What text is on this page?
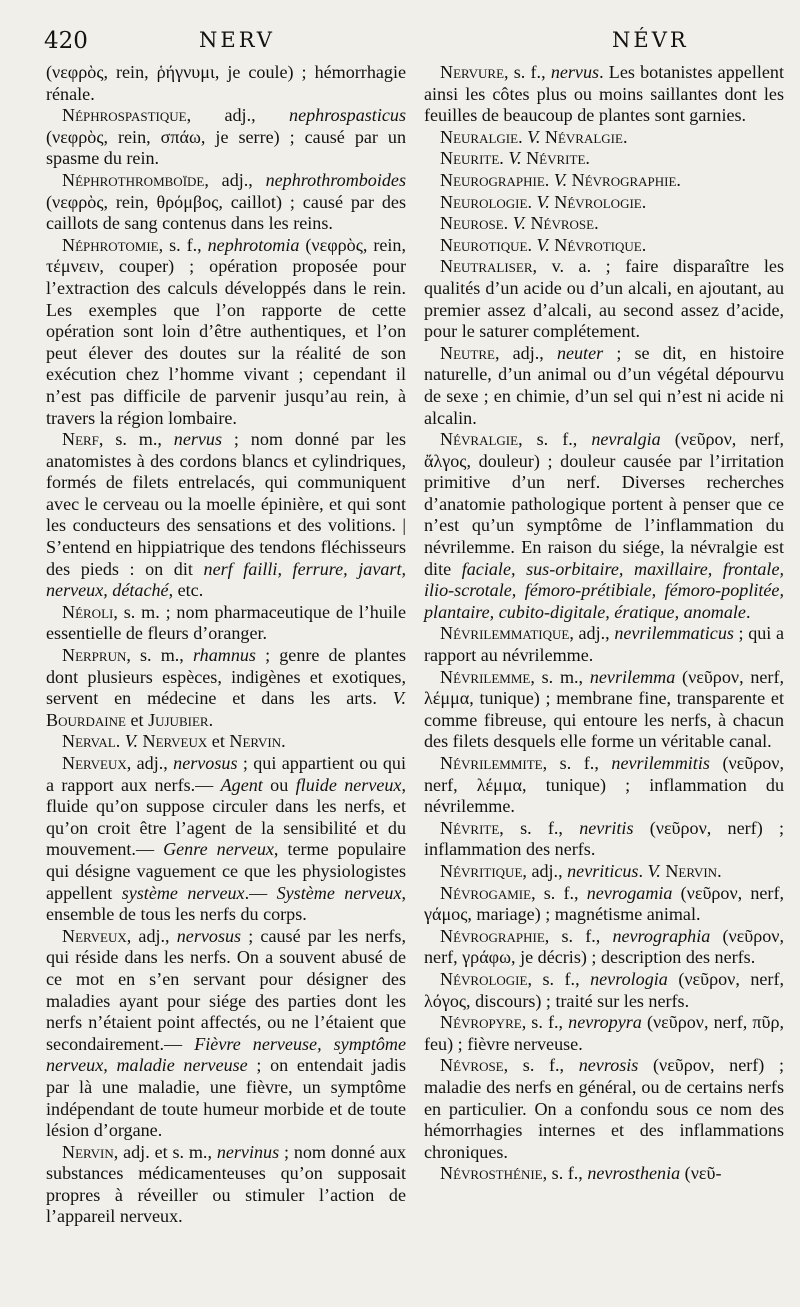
420	NERV	NÉVR

(νεφρὸς, rein, ῥήγνυμι, je coule) ; hémorrhagie rénale.

Néphrospastique, adj., nephrospasticus (νεφρὸς, rein, σπάω, je serre) ; causé par un spasme du rein.

Néphrothromboïde, adj., nephrothromboides (νεφρὸς, rein, θρόμβος, caillot) ; causé par des caillots de sang contenus dans les reins.

Néphrotomie, s. f., nephrotomia (νεφρὸς, rein, τέμνειν, couper) ; opération proposée pour l’extraction des calculs développés dans le rein. Les exemples que l’on rapporte de cette opération sont loin d’être authentiques, et l’on peut élever des doutes sur la réalité de son exécution chez l’homme vivant ; cependant il n’est pas difficile de parvenir jusqu’au rein, à travers la région lombaire.

Nerf, s. m., nervus ; nom donné par les anatomistes à des cordons blancs et cylindriques, formés de filets entrelacés, qui communiquent avec le cerveau ou la moelle épinière, et qui sont les conducteurs des sensations et des volitions. | S’entend en hippiatrique des tendons fléchisseurs des pieds : on dit nerf failli, ferrure, javart, nerveux, détaché, etc.

Néroli, s. m. ; nom pharmaceutique de l’huile essentielle de fleurs d’oranger.

Nerprun, s. m., rhamnus ; genre de plantes dont plusieurs espèces, indigènes et exotiques, servent en médecine et dans les arts. V. Bourdaine et Jujubier.

Nerval. V. Nerveux et Nervin.

Nerveux, adj., nervosus ; qui appartient ou qui a rapport aux nerfs.— Agent ou fluide nerveux, fluide qu’on suppose circuler dans les nerfs, et qu’on croit être l’agent de la sensibilité et du mouvement.— Genre nerveux, terme populaire qui désigne vaguement ce que les physiologistes appellent système nerveux.— Système nerveux, ensemble de tous les nerfs du corps.

Nerveux, adj., nervosus ; causé par les nerfs, qui réside dans les nerfs. On a souvent abusé de ce mot en s’en servant pour désigner des maladies ayant pour siége des parties dont les nerfs n’étaient point affectés, ou ne l’étaient que secondairement.— Fièvre nerveuse, symptôme nerveux, maladie nerveuse ; on entendait jadis par là une maladie, une fièvre, un symptôme indépendant de toute humeur morbide et de toute lésion d’organe.

Nervin, adj. et s. m., nervinus ; nom donné aux substances médicamenteuses qu’on supposait propres à réveiller ou stimuler l’action de l’appareil nerveux.

Nervure, s. f., nervus. Les botanistes appellent ainsi les côtes plus ou moins saillantes dont les feuilles de beaucoup de plantes sont garnies.

Neuralgie. V. Névralgie.

Neurite. V. Névrite.

Neurographie. V. Névrographie.

Neurologie. V. Névrologie.

Neurose. V. Névrose.

Neurotique. V. Névrotique.

Neutraliser, v. a. ; faire disparaître les qualités d’un acide ou d’un alcali, en ajoutant, au premier assez d’alcali, au second assez d’acide, pour le saturer complétement.

Neutre, adj., neuter ; se dit, en histoire naturelle, d’un animal ou d’un végétal dépourvu de sexe ; en chimie, d’un sel qui n’est ni acide ni alcalin.

Névralgie, s. f., nevralgia (νεῦρον, nerf, ἄλγος, douleur) ; douleur causée par l’irritation primitive d’un nerf. Diverses recherches d’anatomie pathologique portent à penser que ce n’est qu’un symptôme de l’inflammation du névrilemme. En raison du siége, la névralgie est dite faciale, sus-orbitaire, maxillaire, frontale, ilio-scrotale, fémoro-prétibiale, fémoro-poplitée, plantaire, cubito-digitale, ératique, anomale.

Névrilemmatique, adj., nevrilemmaticus ; qui a rapport au névrilemme.

Névrilemme, s. m., nevrilemma (νεῦρον, nerf, λέμμα, tunique) ; membrane fine, transparente et comme fibreuse, qui entoure les nerfs, à chacun des filets desquels elle forme un véritable canal.

Névrilemmite, s. f., nevrilemmitis (νεῦρον, nerf, λέμμα, tunique) ; inflammation du névrilemme.

Névrite, s. f., nevritis (νεῦρον, nerf) ; inflammation des nerfs.

Névritique, adj., nevriticus. V. Nervin.

Névrogamie, s. f., nevrogamia (νεῦρον, nerf, γάμος, mariage) ; magnétisme animal.

Névrographie, s. f., nevrographia (νεῦρον, nerf, γράφω, je décris) ; description des nerfs.

Névrologie, s. f., nevrologia (νεῦρον, nerf, λόγος, discours) ; traité sur les nerfs.

Névropyre, s. f., nevropyra (νεῦρον, nerf, πῦρ, feu) ; fièvre nerveuse.

Névrose, s. f., nevrosis (νεῦρον, nerf) ; maladie des nerfs en général, ou de certains nerfs en particulier. On a confondu sous ce nom des hémorrhagies internes et des inflammations chroniques.

Névrosthénie, s. f., nevrosthenia (νεῦ-
